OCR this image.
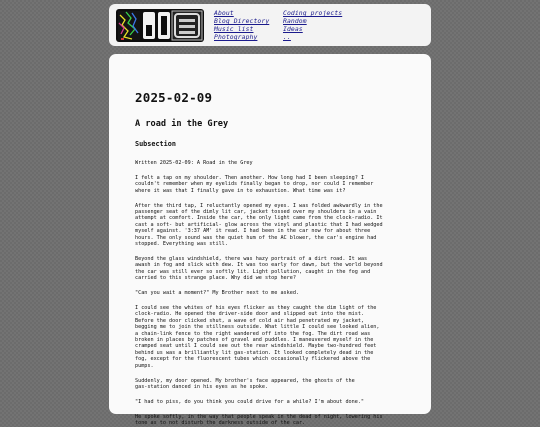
About
Blog Directory
Music list
Photography
Coding projects
Random
Ideas
..
2025-02-09
A road in the Grey
Subsection

Written 2025-02-09: A Road in the Grey

I felt a tap on my shoulder. Then another. How long had I been sleeping? I
couldn't remember when my eyelids finally began to drop, nor could I remember
where it was that I finally gave in to exhaustion. What time was it?

After the third tap, I reluctantly opened my eyes. I was folded awkwardly in the
passenger seat of the dimly lit car, jacket tossed over my shoulders in a vain
attempt at comfort. Inside the car, the only light came from the clock-radio. It
cast a soft- but artificial- glow across the vinyl and plastic that I had wedged
myself against. '3:37 AM' it read. I had been in the car now for about three
hours. The only sound was the quiet hum of the AC blower, the car's engine had
stopped. Everything was still.

Beyond the glass windshield, there was hazy portrait of a dirt road. It was
awash in fog and slick with dew. It was too early for dawn, but the world beyond
the car was still ever so softly lit. Light pollution, caught in the fog and
carried to this strange place. Why did we stop here?

"Can you wait a moment?" My Brother next to me asked.

I could see the whites of his eyes flicker as they caught the dim light of the
clock-radio. He opened the driver-side door and slipped out into the mist.
Before the door clicked shut, a wave of cold air had penetrated my jacket,
begging me to join the stillness outside. What little I could see looked alien,
a chain-link fence to the right wandered off into the fog. The dirt road was
broken in places by patches of gravel and puddles. I maneuvered myself in the
cramped seat until I could see out the rear windshield. Maybe two-hundred feet
behind us was a brilliantly lit gas-station. It looked completely dead in the
fog, except for the fluorescent tubes which occasionally flickered above the
pumps.

Suddenly, my door opened. My brother's face appeared, the ghosts of the
gas-station danced in his eyes as he spoke.

"I had to piss, do you think you could drive for a while? I'm about done."

He spoke softly, in the way that people speak in the dead of night, lowering his
tone as to not disturb the darkness outside of the car.
